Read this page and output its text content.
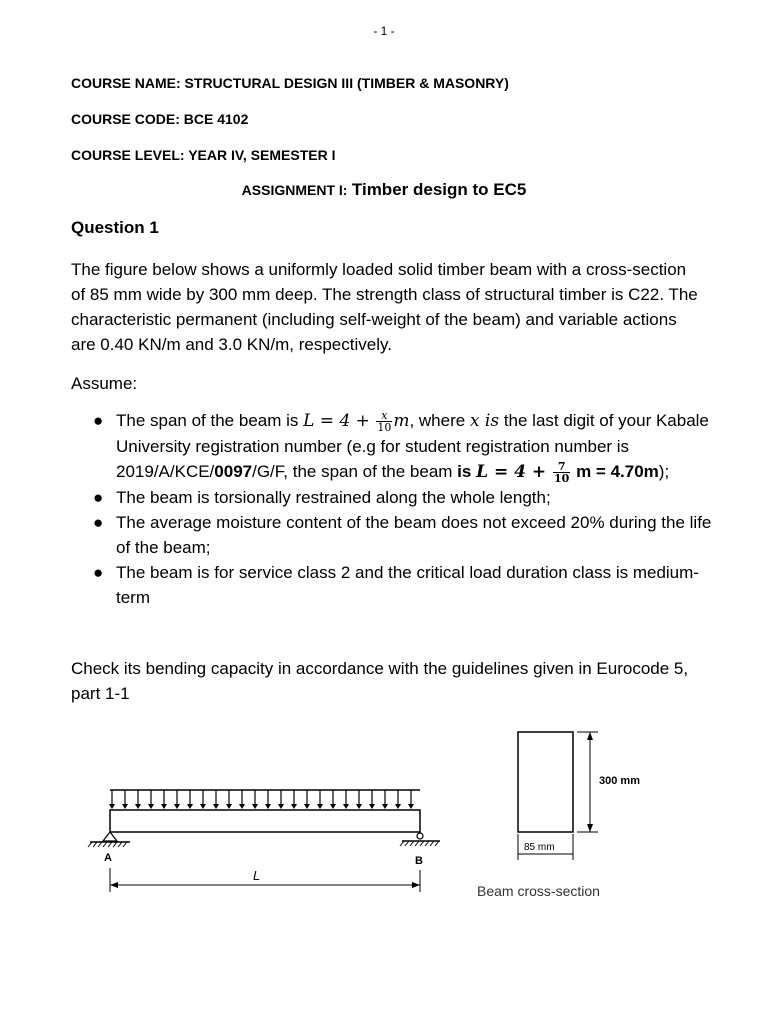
- 1 -
COURSE NAME: STRUCTURAL DESIGN III (TIMBER & MASONRY)
COURSE CODE: BCE 4102
COURSE LEVEL: YEAR IV, SEMESTER I
ASSIGNMENT I: Timber design to EC5
Question 1
The figure below shows a uniformly loaded solid timber beam with a cross-section of 85 mm wide by 300 mm deep. The strength class of structural timber is C22. The characteristic permanent (including self-weight of the beam) and variable actions are 0.40 KN/m and 3.0 KN/m, respectively.
Assume:
● The span of the beam is $L = 4 + \frac{x}{10} m$, where x is the last digit of your Kabale University registration number (e.g for student registration number is 2019/A/KCE/0097/G/F, the span of the beam is $L = 4 + \frac{7}{10}$ m = 4.70m);
● The beam is torsionally restrained along the whole length;
● The average moisture content of the beam does not exceed 20% during the life of the beam;
● The beam is for service class 2 and the critical load duration class is medium-term
Check its bending capacity in accordance with the guidelines given in Eurocode 5, part 1-1
A	B
L
300 mm
85 mm
Beam cross-section
